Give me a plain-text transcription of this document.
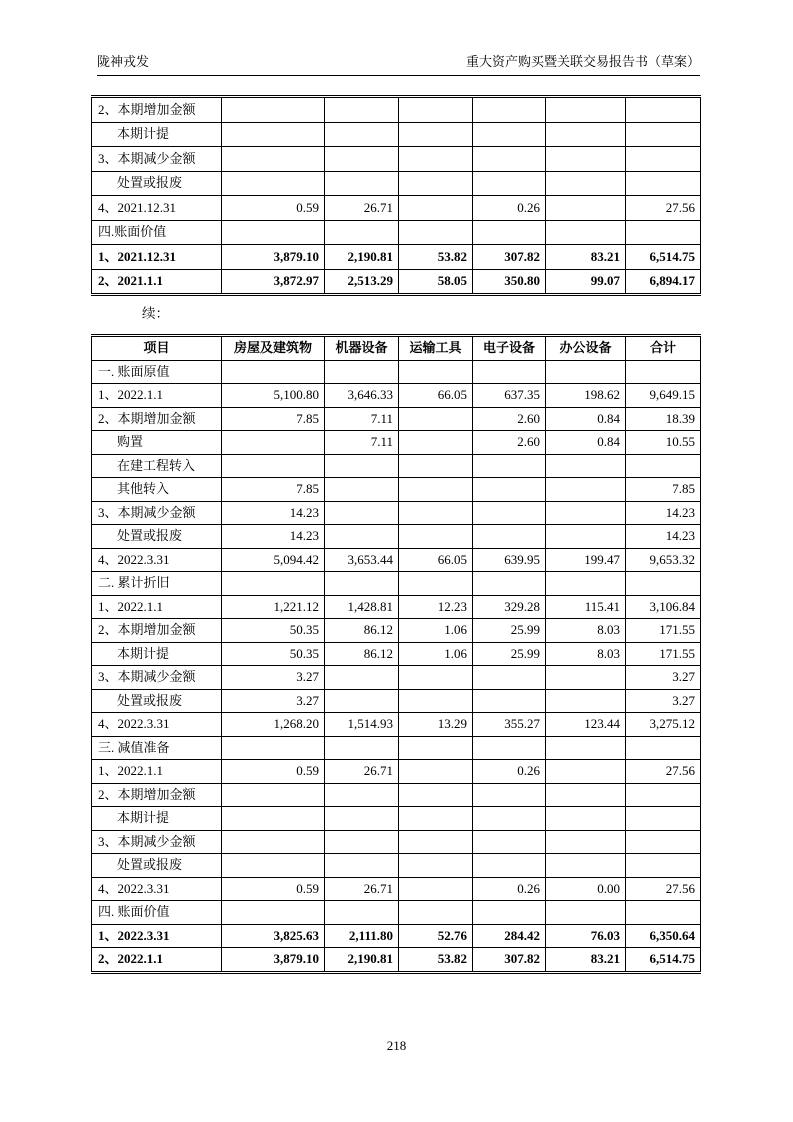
陇神戎发	重大资产购买暨关联交易报告书（草案）
2、本期增加金额						
本期计提						
3、本期减少金额						
处置或报废						
4、2021.12.31	0.59	26.71		0.26		27.56
四.账面价值						
1、2021.12.31	3,879.10	2,190.81	53.82	307.82	83.21	6,514.75
2、2021.1.1	3,872.97	2,513.29	58.05	350.80	99.07	6,894.17

续：

项目	房屋及建筑物	机器设备	运输工具	电子设备	办公设备	合计
一. 账面原值						
1、2022.1.1	5,100.80	3,646.33	66.05	637.35	198.62	9,649.15
2、本期增加金额	7.85	7.11		2.60	0.84	18.39
购置		7.11		2.60	0.84	10.55
在建工程转入						
其他转入	7.85					7.85
3、本期减少金额	14.23					14.23
处置或报废	14.23					14.23
4、2022.3.31	5,094.42	3,653.44	66.05	639.95	199.47	9,653.32
二. 累计折旧						
1、2022.1.1	1,221.12	1,428.81	12.23	329.28	115.41	3,106.84
2、本期增加金额	50.35	86.12	1.06	25.99	8.03	171.55
本期计提	50.35	86.12	1.06	25.99	8.03	171.55
3、本期减少金额	3.27					3.27
处置或报废	3.27					3.27
4、2022.3.31	1,268.20	1,514.93	13.29	355.27	123.44	3,275.12
三. 减值准备						
1、2022.1.1	0.59	26.71		0.26		27.56
2、本期增加金额						
本期计提						
3、本期减少金额						
处置或报废						
4、2022.3.31	0.59	26.71		0.26	0.00	27.56
四. 账面价值						
1、2022.3.31	3,825.63	2,111.80	52.76	284.42	76.03	6,350.64
2、2022.1.1	3,879.10	2,190.81	53.82	307.82	83.21	6,514.75
218
